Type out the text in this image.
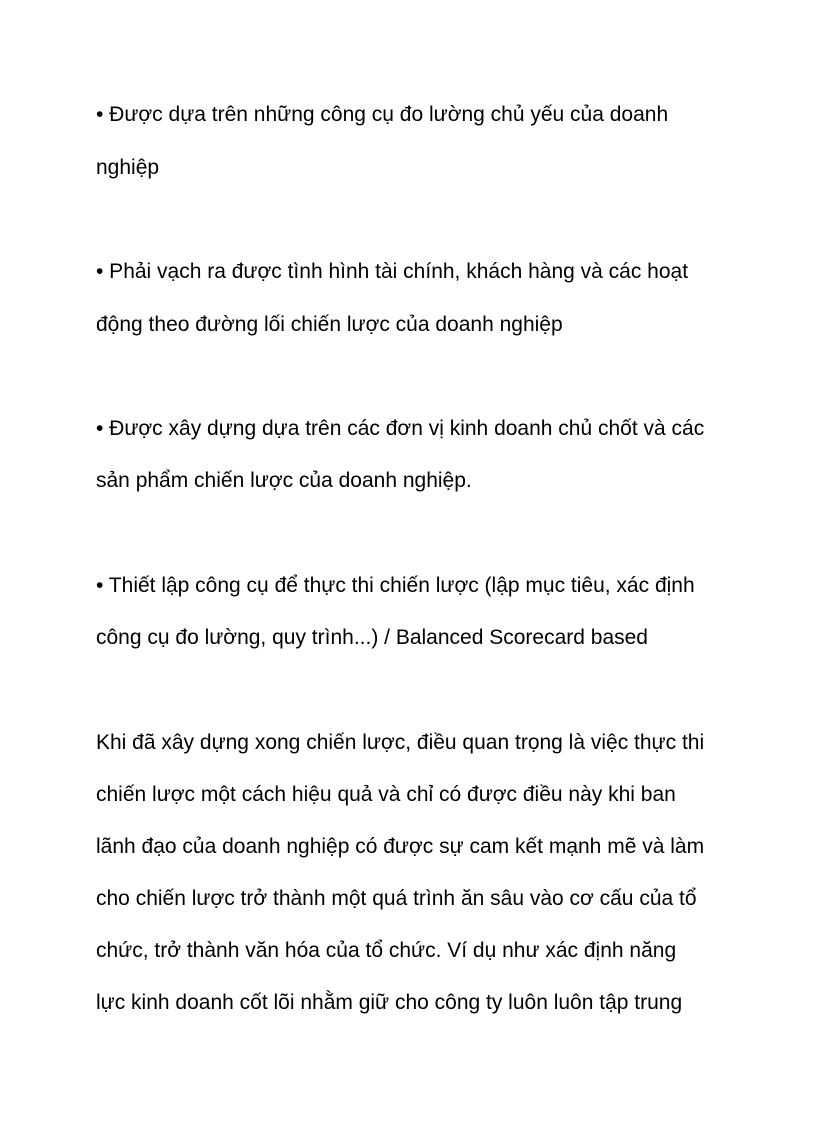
• Được dựa trên những công cụ đo lường chủ yếu của doanh
nghiệp
• Phải vạch ra được tình hình tài chính, khách hàng và các hoạt
động theo đường lối chiến lược của doanh nghiệp
• Được xây dựng dựa trên các đơn vị kinh doanh chủ chốt và các
sản phẩm chiến lược của doanh nghiệp.
• Thiết lập công cụ để thực thi chiến lược (lập mục tiêu, xác định
công cụ đo lường, quy trình...) / Balanced Scorecard based
Khi đã xây dựng xong chiến lược, điều quan trọng là việc thực thi
chiến lược một cách hiệu quả và chỉ có được điều này khi ban
lãnh đạo của doanh nghiệp có được sự cam kết mạnh mẽ và làm
cho chiến lược trở thành một quá trình ăn sâu vào cơ cấu của tổ
chức, trở thành văn hóa của tổ chức. Ví dụ như xác định năng
lực kinh doanh cốt lõi nhằm giữ cho công ty luôn luôn tập trung
